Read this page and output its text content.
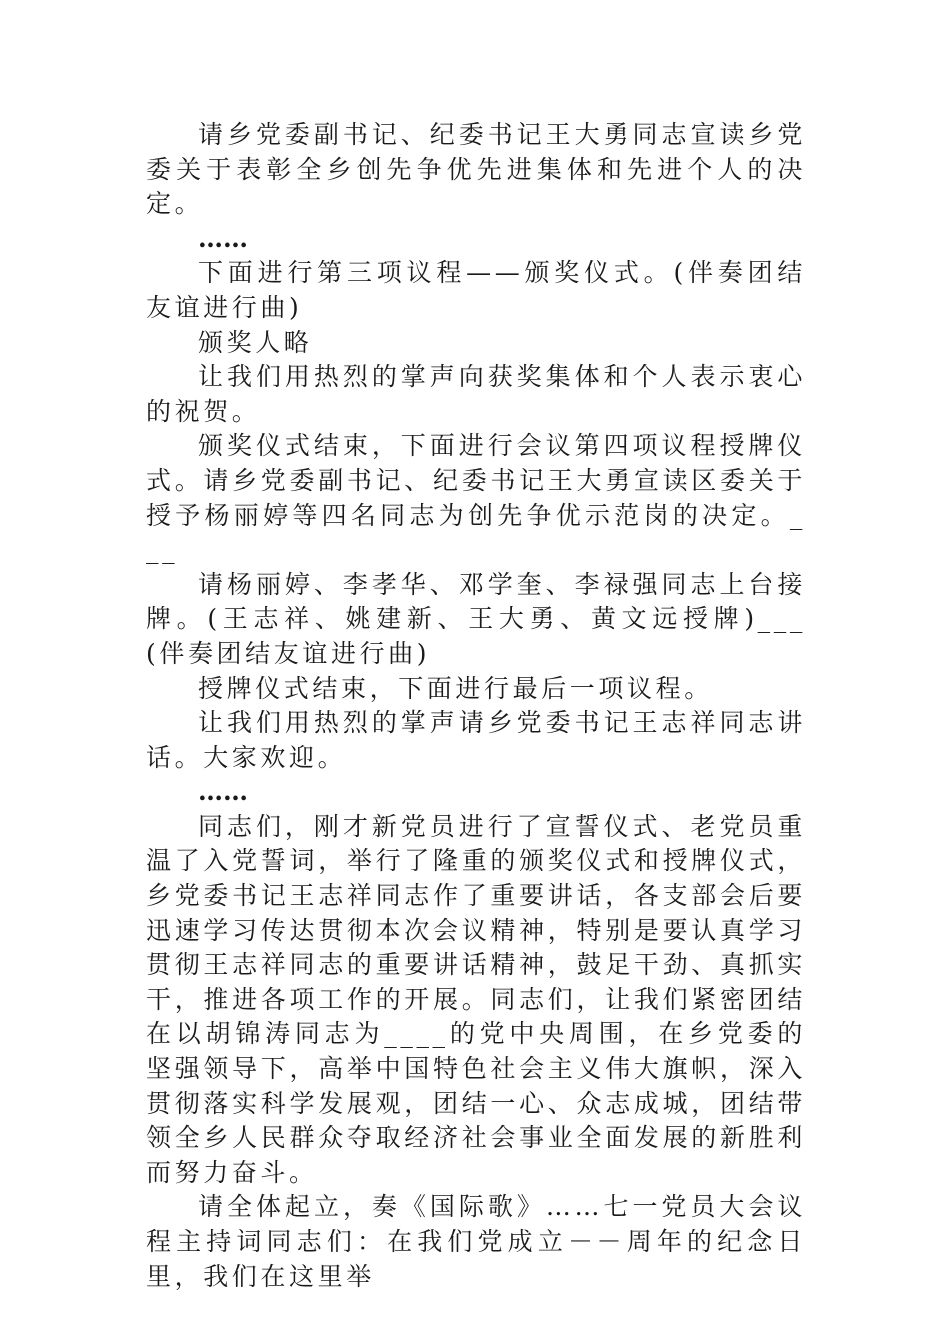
请乡党委副书记、纪委书记王大勇同志宣读乡党委关于表彰全乡创先争优先进集体和先进个人的决定。

……

下面进行第三项议程——颁奖仪式。(伴奏团结友谊进行曲)

颁奖人略

让我们用热烈的掌声向获奖集体和个人表示衷心的祝贺。

颁奖仪式结束，下面进行会议第四项议程授牌仪式。请乡党委副书记、纪委书记王大勇宣读区委关于授予杨丽婷等四名同志为创先争优示范岗的决定。___

请杨丽婷、李孝华、邓学奎、李禄强同志上台接牌。(王志祥、姚建新、王大勇、黄文远授牌)___(伴奏团结友谊进行曲)

授牌仪式结束，下面进行最后一项议程。

让我们用热烈的掌声请乡党委书记王志祥同志讲话。大家欢迎。

……

同志们，刚才新党员进行了宣誓仪式、老党员重温了入党誓词，举行了隆重的颁奖仪式和授牌仪式，乡党委书记王志祥同志作了重要讲话，各支部会后要迅速学习传达贯彻本次会议精神，特别是要认真学习贯彻王志祥同志的重要讲话精神，鼓足干劲、真抓实干，推进各项工作的开展。同志们，让我们紧密团结在以胡锦涛同志为____的党中央周围，在乡党委的坚强领导下，高举中国特色社会主义伟大旗帜，深入贯彻落实科学发展观，团结一心、众志成城，团结带领全乡人民群众夺取经济社会事业全面发展的新胜利而努力奋斗。

请全体起立，奏《国际歌》……七一党员大会议程主持词同志们：在我们党成立－－周年的纪念日里，我们在这里举
